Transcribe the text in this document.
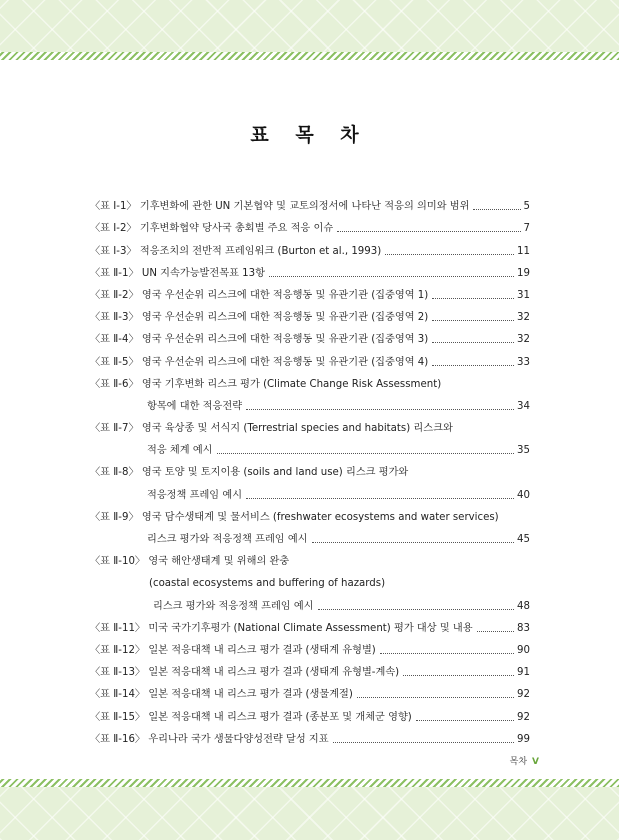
표 목 차
〈표 Ⅰ-1〉 기후변화에 관한 UN 기본협약 및 교토의정서에 나타난 적응의 의미와 범위	5
〈표 Ⅰ-2〉 기후변화협약 당사국 총회별 주요 적응 이슈	7
〈표 Ⅰ-3〉 적응조치의 전반적 프레임워크 (Burton et al., 1993)	11
〈표 Ⅱ-1〉 UN 지속가능발전목표 13항	19
〈표 Ⅱ-2〉 영국 우선순위 리스크에 대한 적응행동 및 유관기관 (집중영역 1)	31
〈표 Ⅱ-3〉 영국 우선순위 리스크에 대한 적응행동 및 유관기관 (집중영역 2)	32
〈표 Ⅱ-4〉 영국 우선순위 리스크에 대한 적응행동 및 유관기관 (집중영역 3)	32
〈표 Ⅱ-5〉 영국 우선순위 리스크에 대한 적응행동 및 유관기관 (집중영역 4)	33
〈표 Ⅱ-6〉 영국 기후변화 리스크 평가 (Climate Change Risk Assessment)
항목에 대한 적응전략	34
〈표 Ⅱ-7〉 영국 육상종 및 서식지 (Terrestrial species and habitats) 리스크와
적응 체계 예시	35
〈표 Ⅱ-8〉 영국 토양 및 토지이용 (soils and land use) 리스크 평가와
적응정책 프레임 예시	40
〈표 Ⅱ-9〉 영국 담수생태계 및 물서비스 (freshwater ecosystems and water services)
리스크 평가와 적응정책 프레임 예시	45
〈표 Ⅱ-10〉 영국 해안생태계 및 위해의 완충
(coastal ecosystems and buffering of hazards)
리스크 평가와 적응정책 프레임 예시	48
〈표 Ⅱ-11〉 미국 국가기후평가 (National Climate Assessment) 평가 대상 및 내용	83
〈표 Ⅱ-12〉 일본 적응대책 내 리스크 평가 결과 (생태계 유형별)	90
〈표 Ⅱ-13〉 일본 적응대책 내 리스크 평가 결과 (생태계 유형별-계속)	91
〈표 Ⅱ-14〉 일본 적응대책 내 리스크 평가 결과 (생물계절)	92
〈표 Ⅱ-15〉 일본 적응대책 내 리스크 평가 결과 (종분포 및 개체군 영향)	92
〈표 Ⅱ-16〉 우리나라 국가 생물다양성전략 달성 지표	99
목차 Ⅴ
